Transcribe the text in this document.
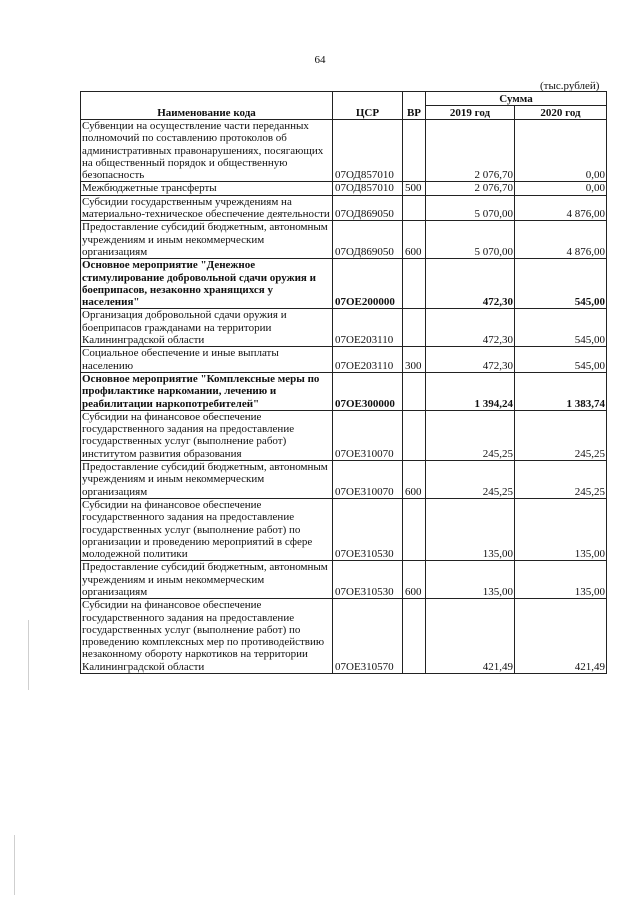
64
(тыс.рублей)
Наименование кода	ЦСР	ВР	Сумма	
			2019 год	2020 год
Субвенции на осуществление части переданных полномочий по составлению протоколов об административных правонарушениях, посягающих на общественный порядок и общественную безопасность	07ОД857010		2 076,70	0,00
Межбюджетные трансферты	07ОД857010	500	2 076,70	0,00
Субсидии государственным учреждениям на материально-техническое обеспечение деятельности	07ОД869050		5 070,00	4 876,00
Предоставление субсидий бюджетным, автономным учреждениям и иным некоммерческим организациям	07ОД869050	600	5 070,00	4 876,00
Основное мероприятие "Денежное стимулирование добровольной сдачи оружия и боеприпасов, незаконно хранящихся у населения"	07ОЕ200000		472,30	545,00
Организация добровольной сдачи оружия и боеприпасов гражданами на территории Калининградской области	07ОЕ203110		472,30	545,00
Социальное обеспечение и иные выплаты населению	07ОЕ203110	300	472,30	545,00
Основное мероприятие "Комплексные меры по профилактике наркомании, лечению и реабилитации наркопотребителей"	07ОЕ300000		1 394,24	1 383,74
Субсидии на финансовое обеспечение государственного задания на предоставление государственных услуг (выполнение работ) институтом развития образования	07ОЕ310070		245,25	245,25
Предоставление субсидий бюджетным, автономным учреждениям и иным некоммерческим организациям	07ОЕ310070	600	245,25	245,25
Субсидии на финансовое обеспечение государственного задания на предоставление государственных услуг (выполнение работ) по организации и проведению мероприятий в сфере молодежной политики	07ОЕ310530		135,00	135,00
Предоставление субсидий бюджетным, автономным учреждениям и иным некоммерческим организациям	07ОЕ310530	600	135,00	135,00
Субсидии на финансовое обеспечение государственного задания на предоставление государственных услуг (выполнение работ) по проведению комплексных мер по противодействию незаконному обороту наркотиков на территории Калининградской области	07ОЕ310570		421,49	421,49
